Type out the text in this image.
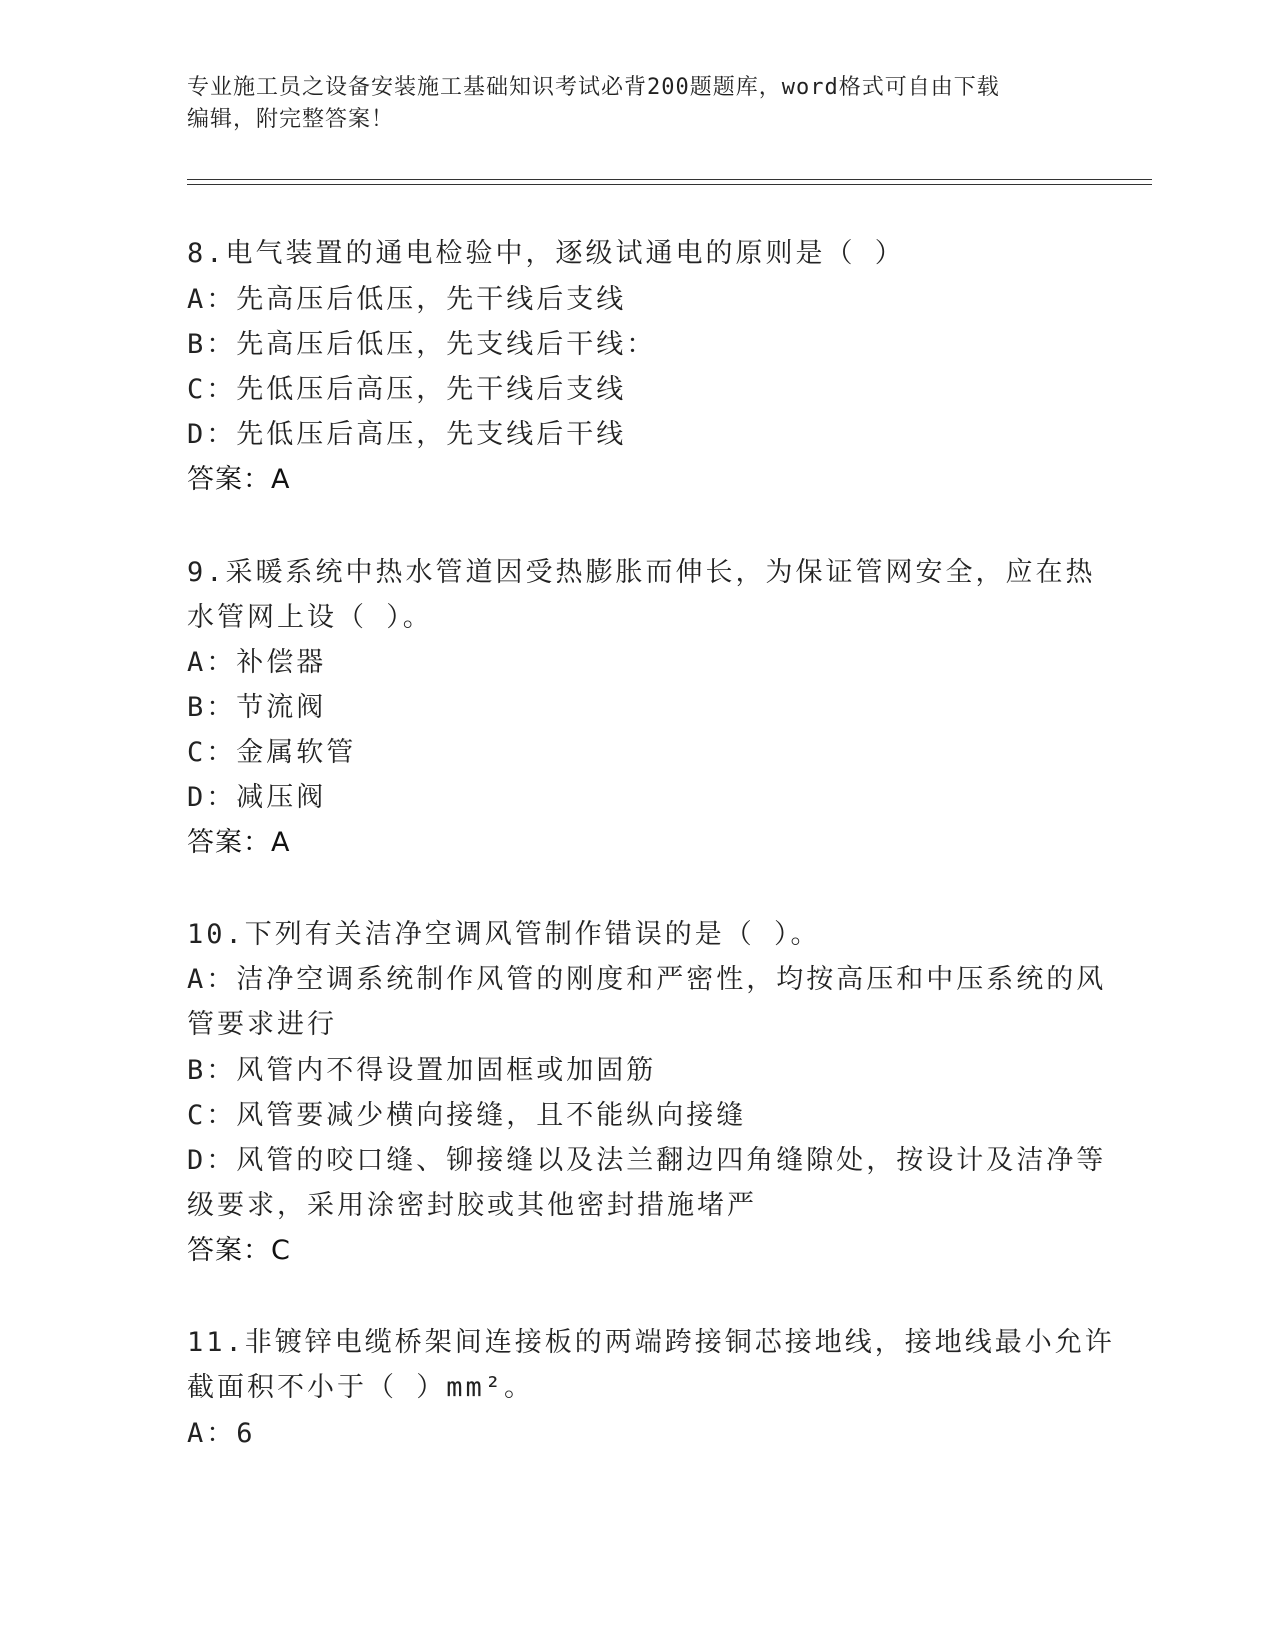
专业施工员之设备安装施工基础知识考试必背200题题库，word格式可自由下载
编辑，附完整答案！
8.电气装置的通电检验中，逐级试通电的原则是（ ）
A：先高压后低压，先干线后支线
B：先高压后低压，先支线后干线：
C：先低压后高压，先干线后支线
D：先低压后高压，先支线后干线
答案：A
9.采暖系统中热水管道因受热膨胀而伸长，为保证管网安全，应在热
水管网上设（ ）。
A：补偿器
B：节流阀
C：金属软管
D：减压阀
答案：A
10.下列有关洁净空调风管制作错误的是（ ）。
A：洁净空调系统制作风管的刚度和严密性，均按高压和中压系统的风
管要求进行
B：风管内不得设置加固框或加固筋
C：风管要减少横向接缝，且不能纵向接缝
D：风管的咬口缝、铆接缝以及法兰翻边四角缝隙处，按设计及洁净等
级要求，采用涂密封胶或其他密封措施堵严
答案：C
11.非镀锌电缆桥架间连接板的两端跨接铜芯接地线，接地线最小允许
截面积不小于（ ）mm²。
A：6
